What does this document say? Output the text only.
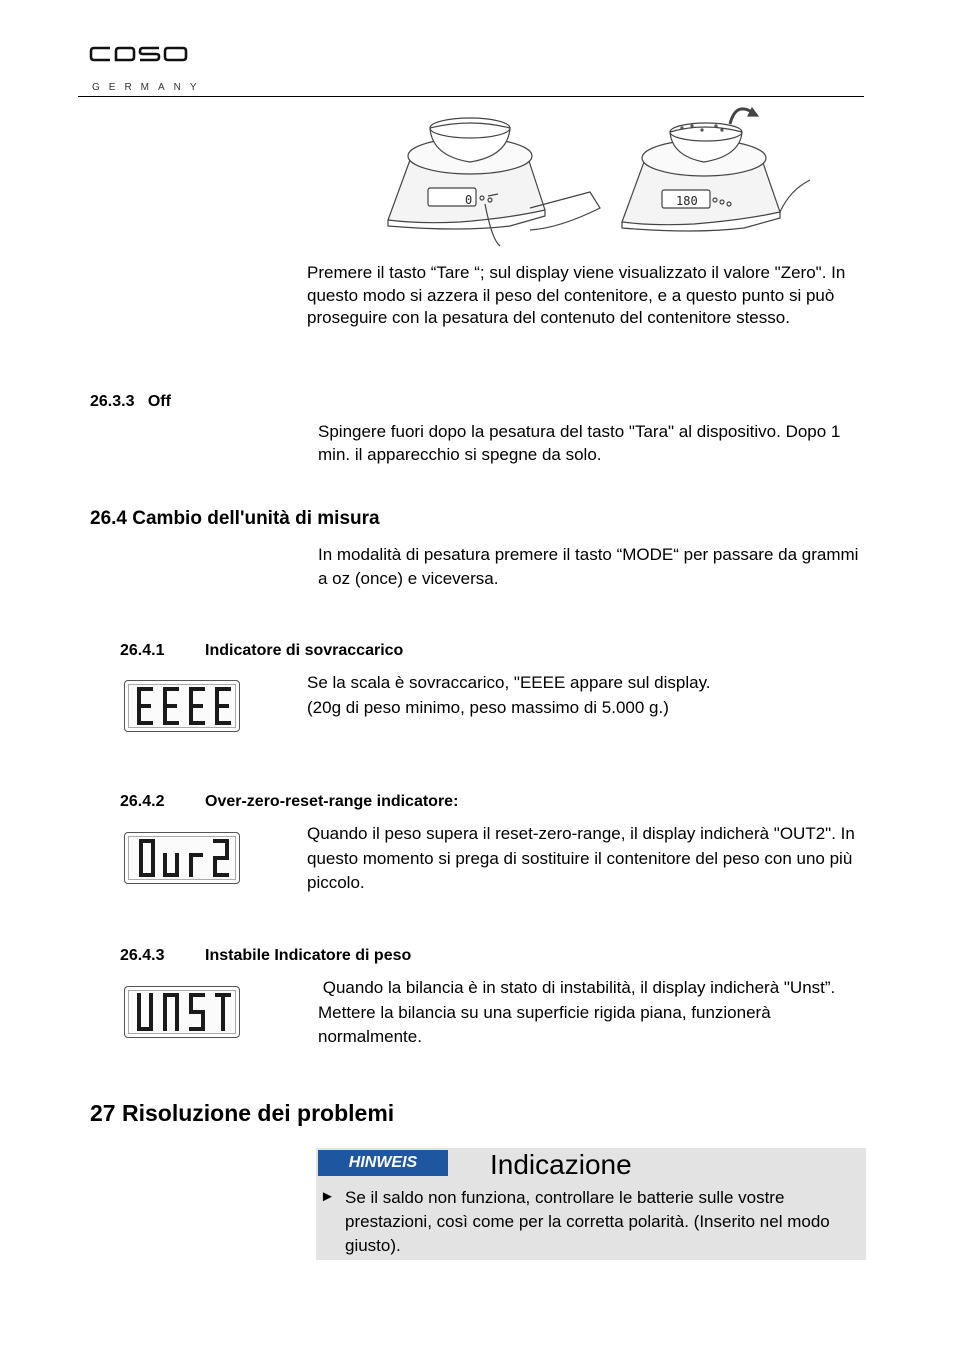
GERMANY
0	180
Premere il tasto “Tare “; sul display viene visualizzato il valore "Zero". In questo modo si azzera il peso del contenitore, e a questo punto si può proseguire con la pesatura del contenuto del contenitore stesso.
26.3.3   Off
Spingere fuori dopo la pesatura del tasto "Tara" al dispositivo. Dopo 1 min. il apparecchio si spegne da solo.
26.4 Cambio dell'unità di misura
In modalità di pesatura premere il tasto “MODE“ per passare da grammi a oz (once) e viceversa.
26.4.1	Indicatore di sovraccarico
Se la scala è sovraccarico, "EEEE appare sul display.
(20g di peso minimo, peso massimo di 5.000 g.)
26.4.2	Over-zero-reset-range indicatore:
Quando il peso supera il reset-zero-range, il display indicherà "OUT2". In questo momento si prega di sostituire il contenitore del peso con uno più piccolo.
26.4.3	Instabile Indicatore di peso
Quando la bilancia è in stato di instabilità, il display indicherà "Unst”. Mettere la bilancia su una superficie rigida piana, funzionerà normalmente.
27 Risoluzione dei problemi
HINWEIS	Indicazione
► Se il saldo non funziona, controllare le batterie sulle vostre prestazioni, così come per la corretta polarità. (Inserito nel modo giusto).
